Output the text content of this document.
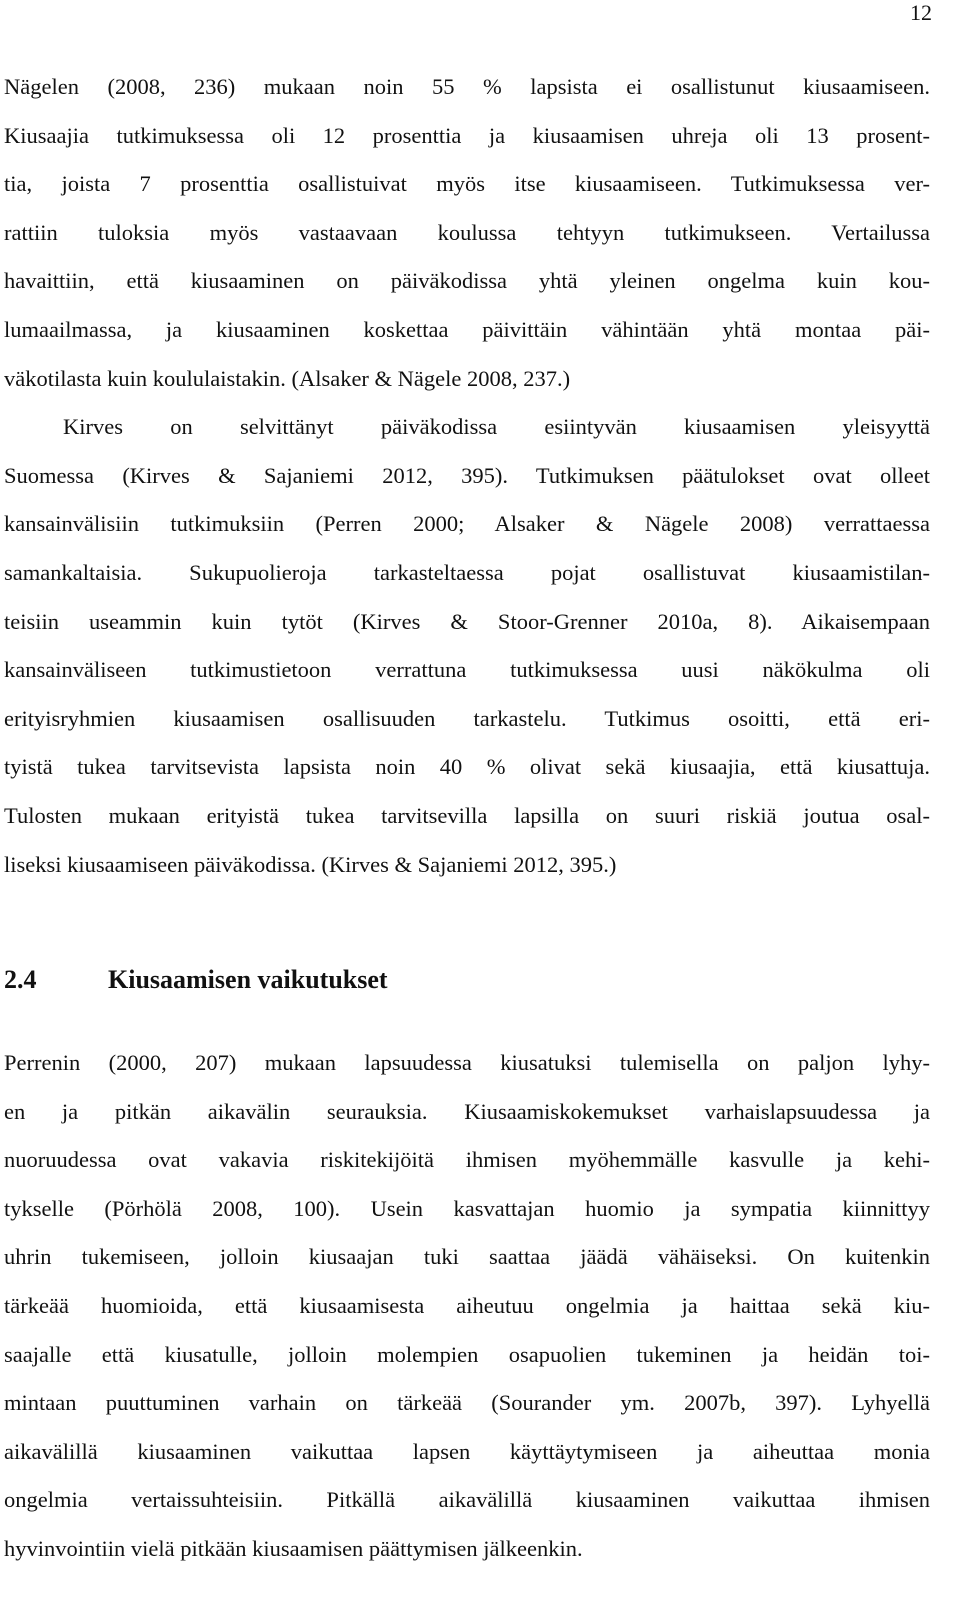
12
Nägelen (2008, 236) mukaan noin 55 % lapsista ei osallistunut kiusaamiseen.
Kiusaajia tutkimuksessa oli 12 prosenttia ja kiusaamisen uhreja oli 13 prosent-
tia, joista 7 prosenttia osallistuivat myös itse kiusaamiseen. Tutkimuksessa ver-
rattiin tuloksia myös vastaavaan koulussa tehtyyn tutkimukseen. Vertailussa
havaittiin, että kiusaaminen on päiväkodissa yhtä yleinen ongelma kuin kou-
lumaailmassa, ja kiusaaminen koskettaa päivittäin vähintään yhtä montaa päi-
väkotilasta kuin koululaistakin. (Alsaker & Nägele 2008, 237.)
Kirves on selvittänyt päiväkodissa esiintyvän kiusaamisen yleisyyttä
Suomessa (Kirves & Sajaniemi 2012, 395). Tutkimuksen päätulokset ovat olleet
kansainvälisiin tutkimuksiin (Perren 2000; Alsaker & Nägele 2008) verrattaessa
samankaltaisia. Sukupuolieroja tarkasteltaessa pojat osallistuvat kiusaamistilan-
teisiin useammin kuin tytöt (Kirves & Stoor-Grenner 2010a, 8). Aikaisempaan
kansainväliseen tutkimustietoon verrattuna tutkimuksessa uusi näkökulma oli
erityisryhmien kiusaamisen osallisuuden tarkastelu. Tutkimus osoitti, että eri-
tyistä tukea tarvitsevista lapsista noin 40 % olivat sekä kiusaajia, että kiusattuja.
Tulosten mukaan erityistä tukea tarvitsevilla lapsilla on suuri riskiä joutua osal-
liseksi kiusaamiseen päiväkodissa. (Kirves & Sajaniemi 2012, 395.)
2.4	Kiusaamisen vaikutukset
Perrenin (2000, 207) mukaan lapsuudessa kiusatuksi tulemisella on paljon lyhy-
en ja pitkän aikavälin seurauksia. Kiusaamiskokemukset varhaislapsuudessa ja
nuoruudessa ovat vakavia riskitekijöitä ihmisen myöhemmälle kasvulle ja kehi-
tykselle (Pörhölä 2008, 100). Usein kasvattajan huomio ja sympatia kiinnittyy
uhrin tukemiseen, jolloin kiusaajan tuki saattaa jäädä vähäiseksi. On kuitenkin
tärkeää huomioida, että kiusaamisesta aiheutuu ongelmia ja haittaa sekä kiu-
saajalle että kiusatulle, jolloin molempien osapuolien tukeminen ja heidän toi-
mintaan puuttuminen varhain on tärkeää (Sourander ym. 2007b, 397). Lyhyellä
aikavälillä kiusaaminen vaikuttaa lapsen käyttäytymiseen ja aiheuttaa monia
ongelmia vertaissuhteisiin. Pitkällä aikavälillä kiusaaminen vaikuttaa ihmisen
hyvinvointiin vielä pitkään kiusaamisen päättymisen jälkeenkin.
